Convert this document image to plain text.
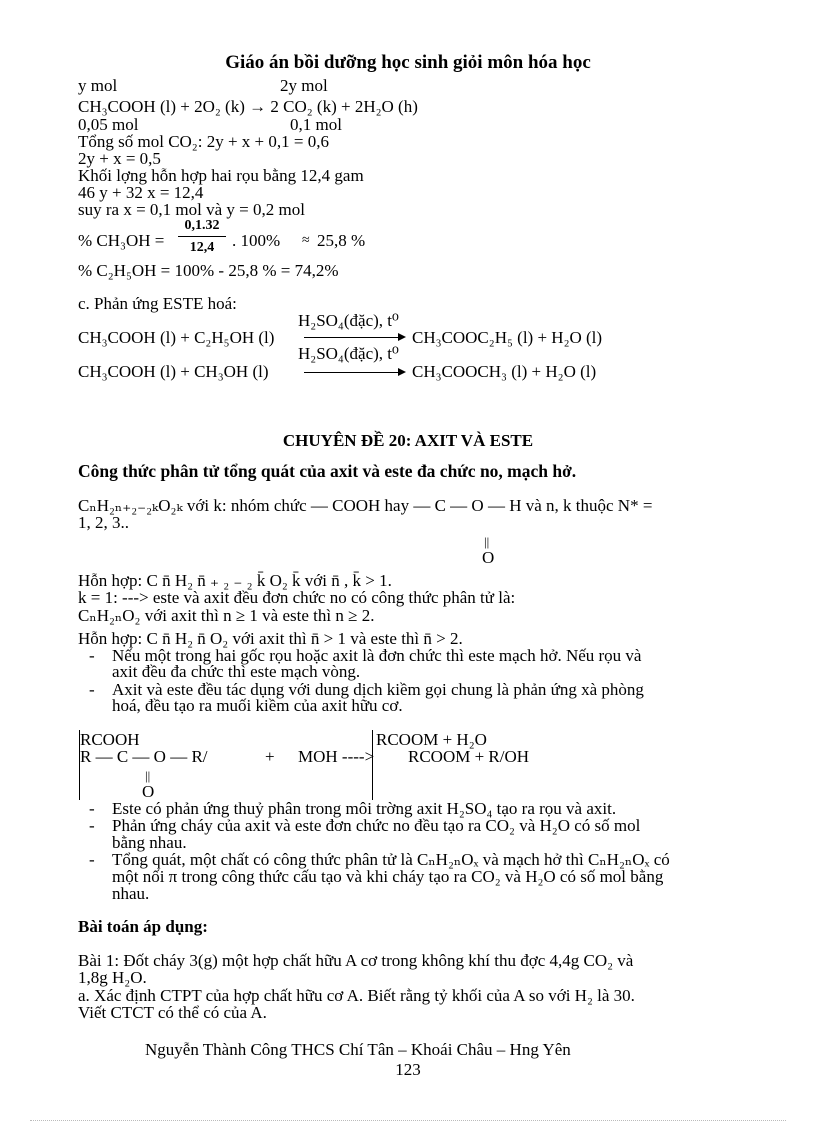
Giáo án bồi dưỡng học sinh giỏi môn hóa học
y mol	2y mol
CH₃COOH (l) + 2O₂ (k) → 2 CO₂ (k) + 2H₂O (h)
0,05 mol	0,1 mol
Tổng số mol CO₂: 2y + x + 0,1 = 0,6
2y + x = 0,5
Khối lợng hỗn hợp hai rọu bằng 12,4 gam
46 y + 32 x = 12,4
suy ra x = 0,1 mol và y = 0,2 mol
% CH₃OH =
0,1.32
12,4	. 100% ≈ 25,8 %
% C₂H₅OH = 100% - 25,8 % = 74,2%
c. Phản ứng ESTE hoá:
H₂SO₄(đặc), t⁰
CH₃COOH (l) + C₂H₅OH (l)	CH₃COOC₂H₅ (l) + H₂O (l)
H₂SO₄(đặc), t⁰
CH₃COOH (l) + CH₃OH (l)	CH₃COOCH₃ (l) + H₂O (l)
CHUYÊN ĐỀ 20: AXIT VÀ ESTE
Công thức phân tử tổng quát của axit và este đa chức no, mạch hở.
CₙH₂ₙ₊₂₋₂ₖO₂ₖ với k: nhóm chức — COOH hay — C — O — H và n, k thuộc N* =
1, 2, 3..
||
O
Hỗn hợp: C n̄ H₂ n̄ ₊ ₂ ₋ ₂ k̄ O₂ k̄ với n̄ , k̄ > 1.
k = 1: ---> este và axit đều đơn chức no có công thức phân tử là:
CₙH₂ₙO₂ với axit thì n ≥ 1 và este thì n ≥ 2.
Hỗn hợp: C n̄ H₂ n̄ O₂ với axit thì n̄ > 1 và este thì n̄ > 2.
- Nếu một trong hai gốc rọu hoặc axit là đơn chức thì este mạch hở. Nếu rọu và
axit đều đa chức thì este mạch vòng.
- Axit và este đều tác dụng với dung dịch kiềm gọi chung là phản ứng xà phòng
hoá, đều tạo ra muối kiềm của axit hữu cơ.
RCOOH
R — C — O — R/	+ MOH ---->
RCOOM + H₂O
RCOOM + R/OH
||
O
- Este có phản ứng thuỷ phân trong môi trờng axit H₂SO₄ tạo ra rọu và axit.
- Phản ứng cháy của axit và este đơn chức no đều tạo ra CO₂ và H₂O có số mol
bằng nhau.
- Tổng quát, một chất có công thức phân tử là CₙH₂ₙOₓ và mạch hở thì CₙH₂ₙOₓ có
một nối π trong công thức cấu tạo và khi cháy tạo ra CO₂ và H₂O có số mol bằng
nhau.
Bài toán áp dụng:
Bài 1: Đốt cháy 3(g) một hợp chất hữu A cơ trong không khí thu đợc 4,4g CO₂ và
1,8g H₂O.
a. Xác định CTPT của hợp chất hữu cơ A. Biết rằng tỷ khối của A so với H₂ là 30.
Viết CTCT có thể có của A.
Nguyễn Thành Công THCS Chí Tân – Khoái Châu – Hng Yên
123
